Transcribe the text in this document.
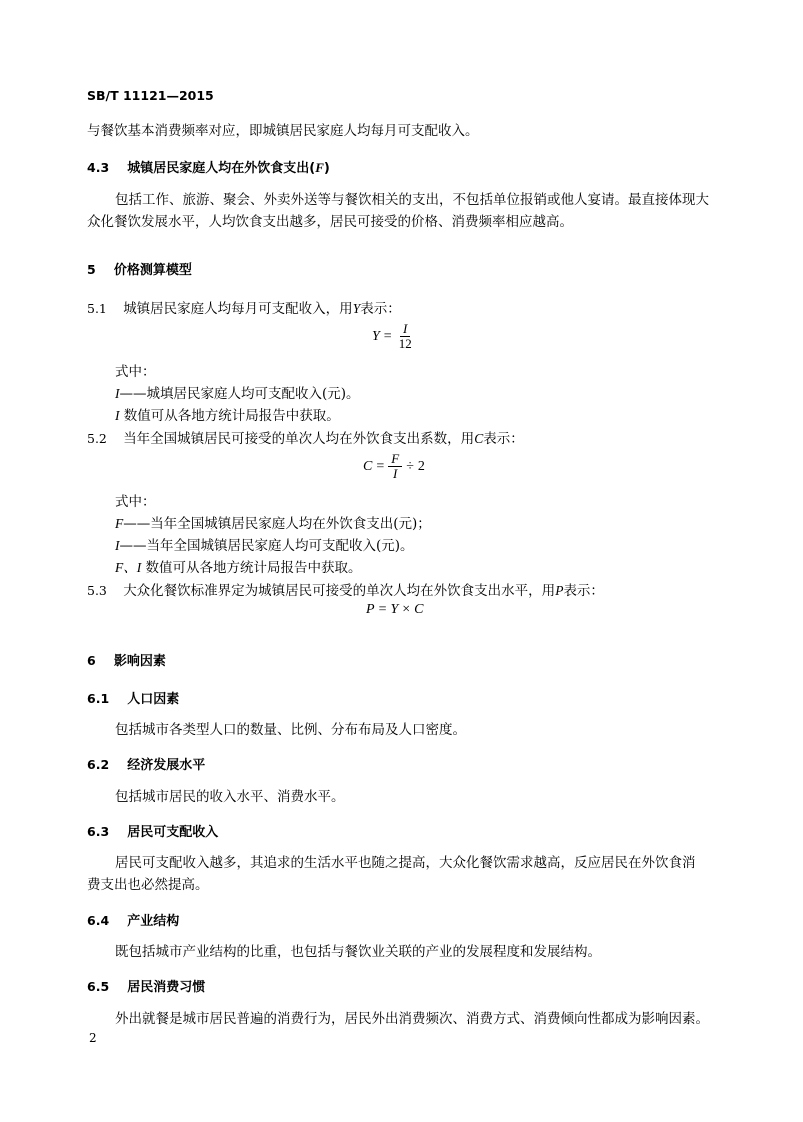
SB/T 11121—2015
与餐饮基本消费频率对应，即城镇居民家庭人均每月可支配收入。
4.3 城镇居民家庭人均在外饮食支出(F)
包括工作、旅游、聚会、外卖外送等与餐饮相关的支出，不包括单位报销或他人宴请。最直接体现大
众化餐饮发展水平，人均饮食支出越多，居民可接受的价格、消费频率相应越高。
5 价格测算模型
5.1 城镇居民家庭人均每月可支配收入，用Y表示：
$Y = \frac{I}{12}$
式中：
I——城填居民家庭人均可支配收入(元)。
I 数值可从各地方统计局报告中获取。
5.2 当年全国城镇居民可接受的单次人均在外饮食支出系数，用C表示：
$C = \frac{F}{I} \div 2$
式中：
F——当年全国城镇居民家庭人均在外饮食支出(元)；
I——当年全国城镇居民家庭人均可支配收入(元)。
F、I 数值可从各地方统计局报告中获取。
5.3 大众化餐饮标准界定为城镇居民可接受的单次人均在外饮食支出水平，用P表示：
P = Y × C
6 影响因素
6.1 人口因素
包括城市各类型人口的数量、比例、分布布局及人口密度。
6.2 经济发展水平
包括城市居民的收入水平、消费水平。
6.3 居民可支配收入
居民可支配收入越多，其追求的生活水平也随之提高，大众化餐饮需求越高，反应居民在外饮食消
费支出也必然提高。
6.4 产业结构
既包括城市产业结构的比重，也包括与餐饮业关联的产业的发展程度和发展结构。
6.5 居民消费习惯
外出就餐是城市居民普遍的消费行为，居民外出消费频次、消费方式、消费倾向性都成为影响因素。
2
